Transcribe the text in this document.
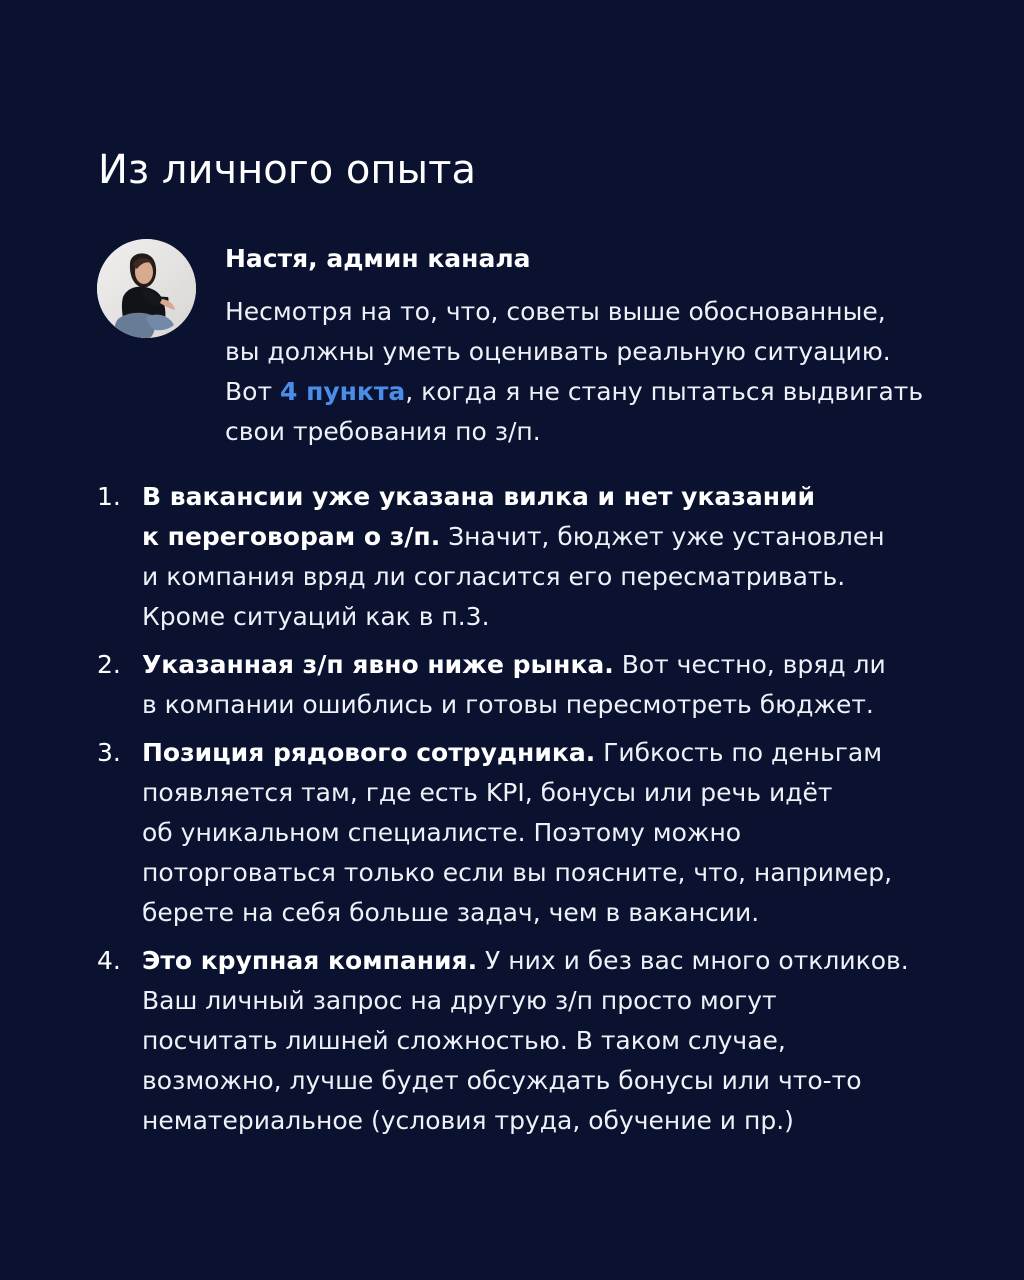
Из личного опыта
Настя, админ канала
Несмотря на то, что, советы выше обоснованные,
вы должны уметь оценивать реальную ситуацию.
Вот 4 пункта, когда я не стану пытаться выдвигать
свои требования по з/п.
1. В вакансии уже указана вилка и нет указаний
к переговорам о з/п. Значит, бюджет уже установлен
и компания вряд ли согласится его пересматривать.
Кроме ситуаций как в п.3.
2. Указанная з/п явно ниже рынка. Вот честно, вряд ли
в компании ошиблись и готовы пересмотреть бюджет.
3. Позиция рядового сотрудника. Гибкость по деньгам
появляется там, где есть KPI, бонусы или речь идёт
об уникальном специалисте. Поэтому можно
поторговаться только если вы поясните, что, например,
берете на себя больше задач, чем в вакансии.
4. Это крупная компания. У них и без вас много откликов.
Ваш личный запрос на другую з/п просто могут
посчитать лишней сложностью. В таком случае,
возможно, лучше будет обсуждать бонусы или что-то
нематериальное (условия труда, обучение и пр.)
